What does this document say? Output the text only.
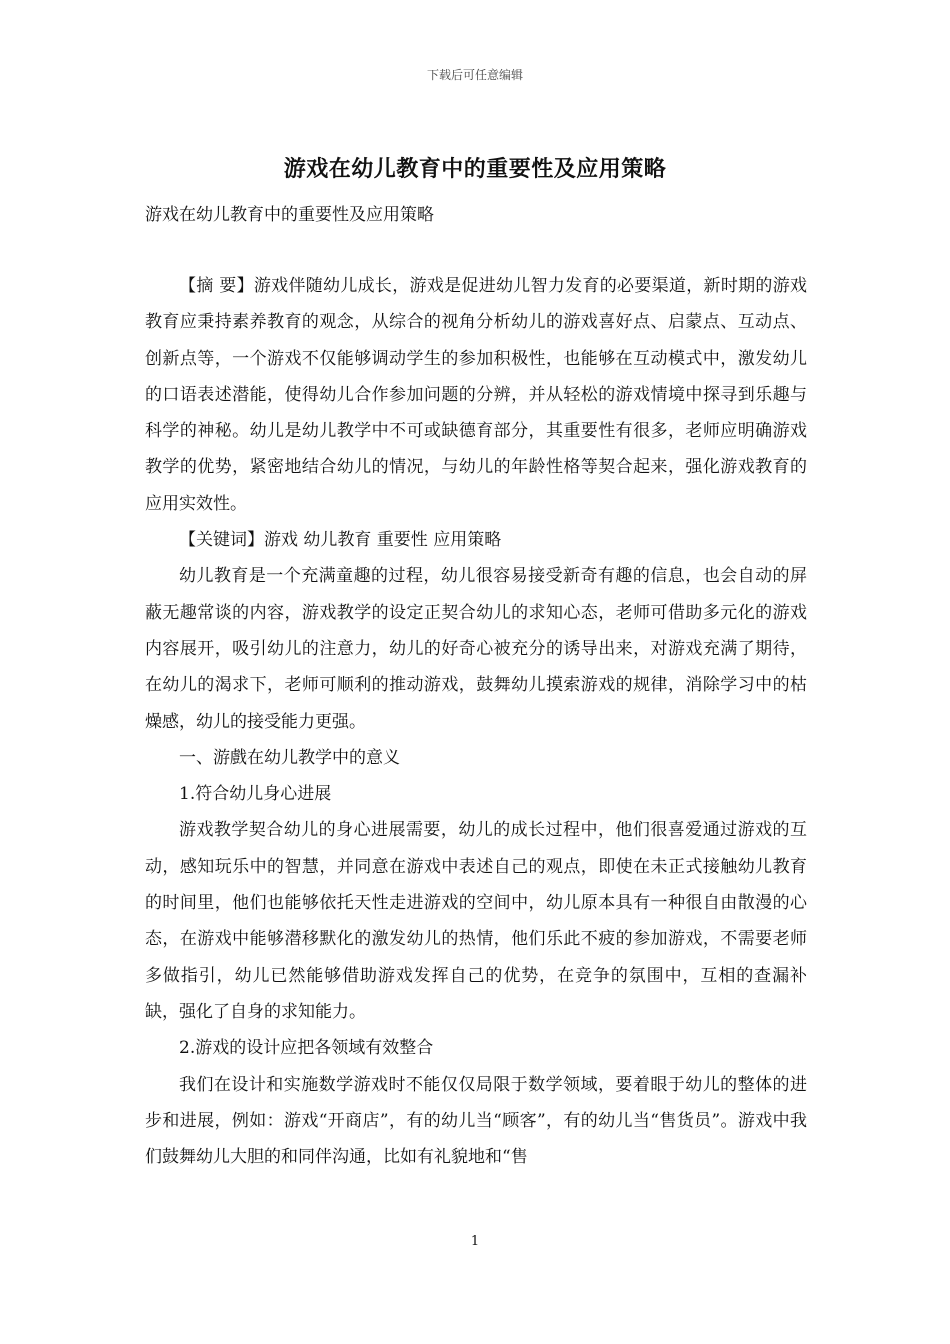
下载后可任意编辑
游戏在幼儿教育中的重要性及应用策略
游戏在幼儿教育中的重要性及应用策略

【摘 要】游戏伴随幼儿成长，游戏是促进幼儿智力发育的必要渠道，新时期的游戏教育应秉持素养教育的观念，从综合的视角分析幼儿的游戏喜好点、启蒙点、互动点、创新点等，一个游戏不仅能够调动学生的参加积极性，也能够在互动模式中，激发幼儿的口语表述潜能，使得幼儿合作参加问题的分辨，并从轻松的游戏情境中探寻到乐趣与科学的神秘。幼儿是幼儿教学中不可或缺德育部分，其重要性有很多，老师应明确游戏教学的优势，紧密地结合幼儿的情况，与幼儿的年龄性格等契合起来，强化游戏教育的应用实效性。

【关键词】游戏 幼儿教育 重要性 应用策略

幼儿教育是一个充满童趣的过程，幼儿很容易接受新奇有趣的信息，也会自动的屏蔽无趣常谈的内容，游戏教学的设定正契合幼儿的求知心态，老师可借助多元化的游戏内容展开，吸引幼儿的注意力，幼儿的好奇心被充分的诱导出来，对游戏充满了期待，在幼儿的渴求下，老师可顺利的推动游戏，鼓舞幼儿摸索游戏的规律，消除学习中的枯燥感，幼儿的接受能力更强。

一、游戲在幼儿教学中的意义

1.符合幼儿身心进展

游戏教学契合幼儿的身心进展需要，幼儿的成长过程中，他们很喜爱通过游戏的互动，感知玩乐中的智慧，并同意在游戏中表述自己的观点，即使在未正式接触幼儿教育的时间里，他们也能够依托天性走进游戏的空间中，幼儿原本具有一种很自由散漫的心态，在游戏中能够潜移默化的激发幼儿的热情，他们乐此不疲的参加游戏，不需要老师多做指引，幼儿已然能够借助游戏发挥自己的优势，在竞争的氛围中，互相的查漏补缺，强化了自身的求知能力。

2.游戏的设计应把各领域有效整合

我们在设计和实施数学游戏时不能仅仅局限于数学领域，要着眼于幼儿的整体的进步和进展，例如：游戏“开商店”，有的幼儿当“顾客”，有的幼儿当“售货员”。游戏中我们鼓舞幼儿大胆的和同伴沟通，比如有礼貌地和“售

1
